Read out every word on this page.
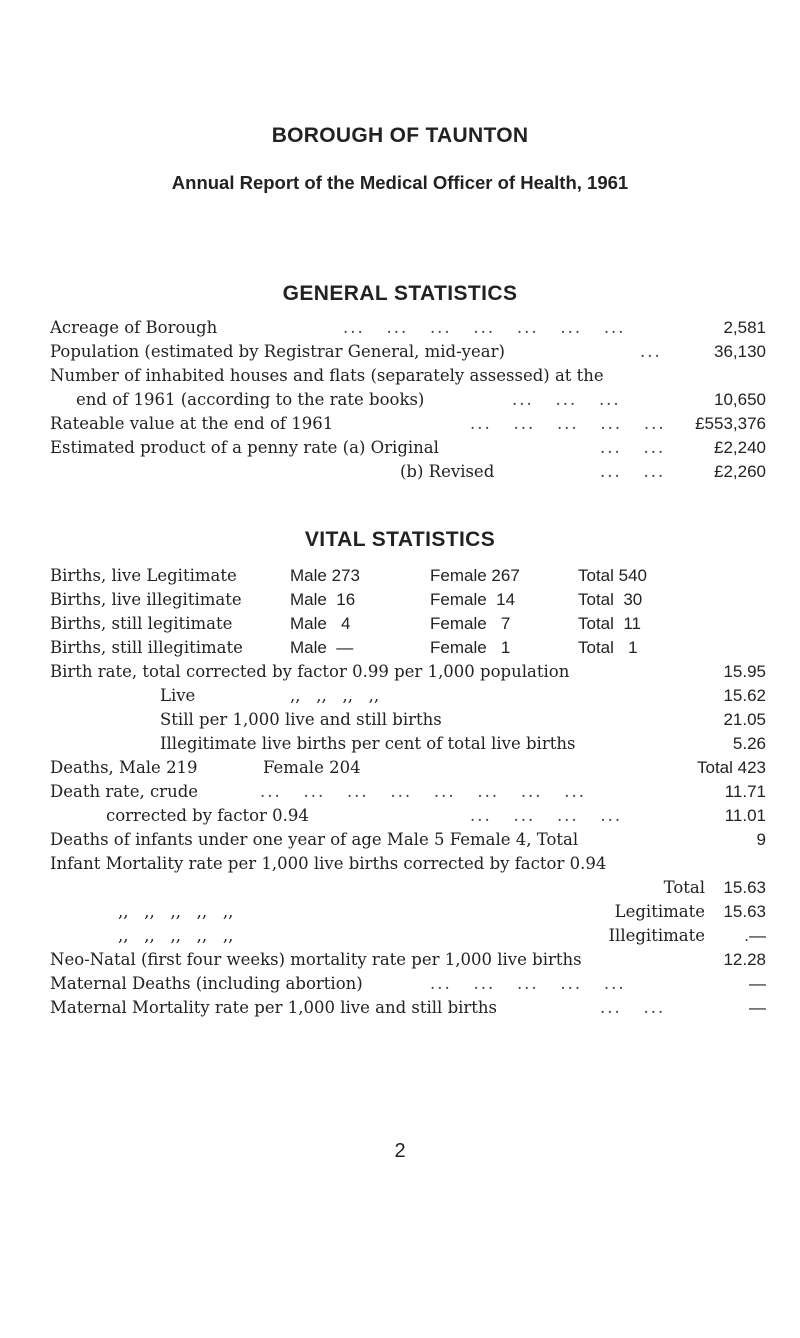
BOROUGH OF TAUNTON
Annual Report of the Medical Officer of Health, 1961
GENERAL STATISTICS
Acreage of Borough	...   ...   ...   ...   ...   ...   ...	2,581
Population (estimated by Registrar General, mid-year)	...	36,130
Number of inhabited houses and flats (separately assessed) at the
end of 1961 (according to the rate books)	...   ...   ...	10,650
Rateable value at the end of 1961	...   ...   ...   ...   ... £553,376
Estimated product of a penny rate (a) Original	...   ...	£2,240
(b) Revised	...   ...	£2,260
VITAL STATISTICS
Births, live Legitimate	Male 273	Female 267	Total 540
Births, live illegitimate	Male  16	Female  14	Total  30
Births, still legitimate	Male   4	Female   7	Total  11
Births, still illegitimate	Male  —	Female   1	Total   1
Birth rate, total corrected by factor 0.99 per 1,000 population	15.95
Live	,,   ,,   ,,   ,,	15.62
Still per 1,000 live and still births	21.05
Illegitimate live births per cent of total live births	5.26
Deaths, Male 219	Female 204	Total 423
Death rate, crude	...   ...   ...   ...   ...   ...   ...   ...	11.71
corrected by factor 0.94	...   ...   ...   ...	11.01
Deaths of infants under one year of age Male 5 Female 4, Total	9
Infant Mortality rate per 1,000 live births corrected by factor 0.94
Total 15.63
,,   ,,   ,,   ,,   ,,	Legitimate 15.63
,,   ,,   ,,   ,,   ,,	Illegitimate .—
Neo-Natal (first four weeks) mortality rate per 1,000 live births	12.28
Maternal Deaths (including abortion)	...   ...   ...   ...   ...	—
Maternal Mortality rate per 1,000 live and still births	...   ...	—
2
